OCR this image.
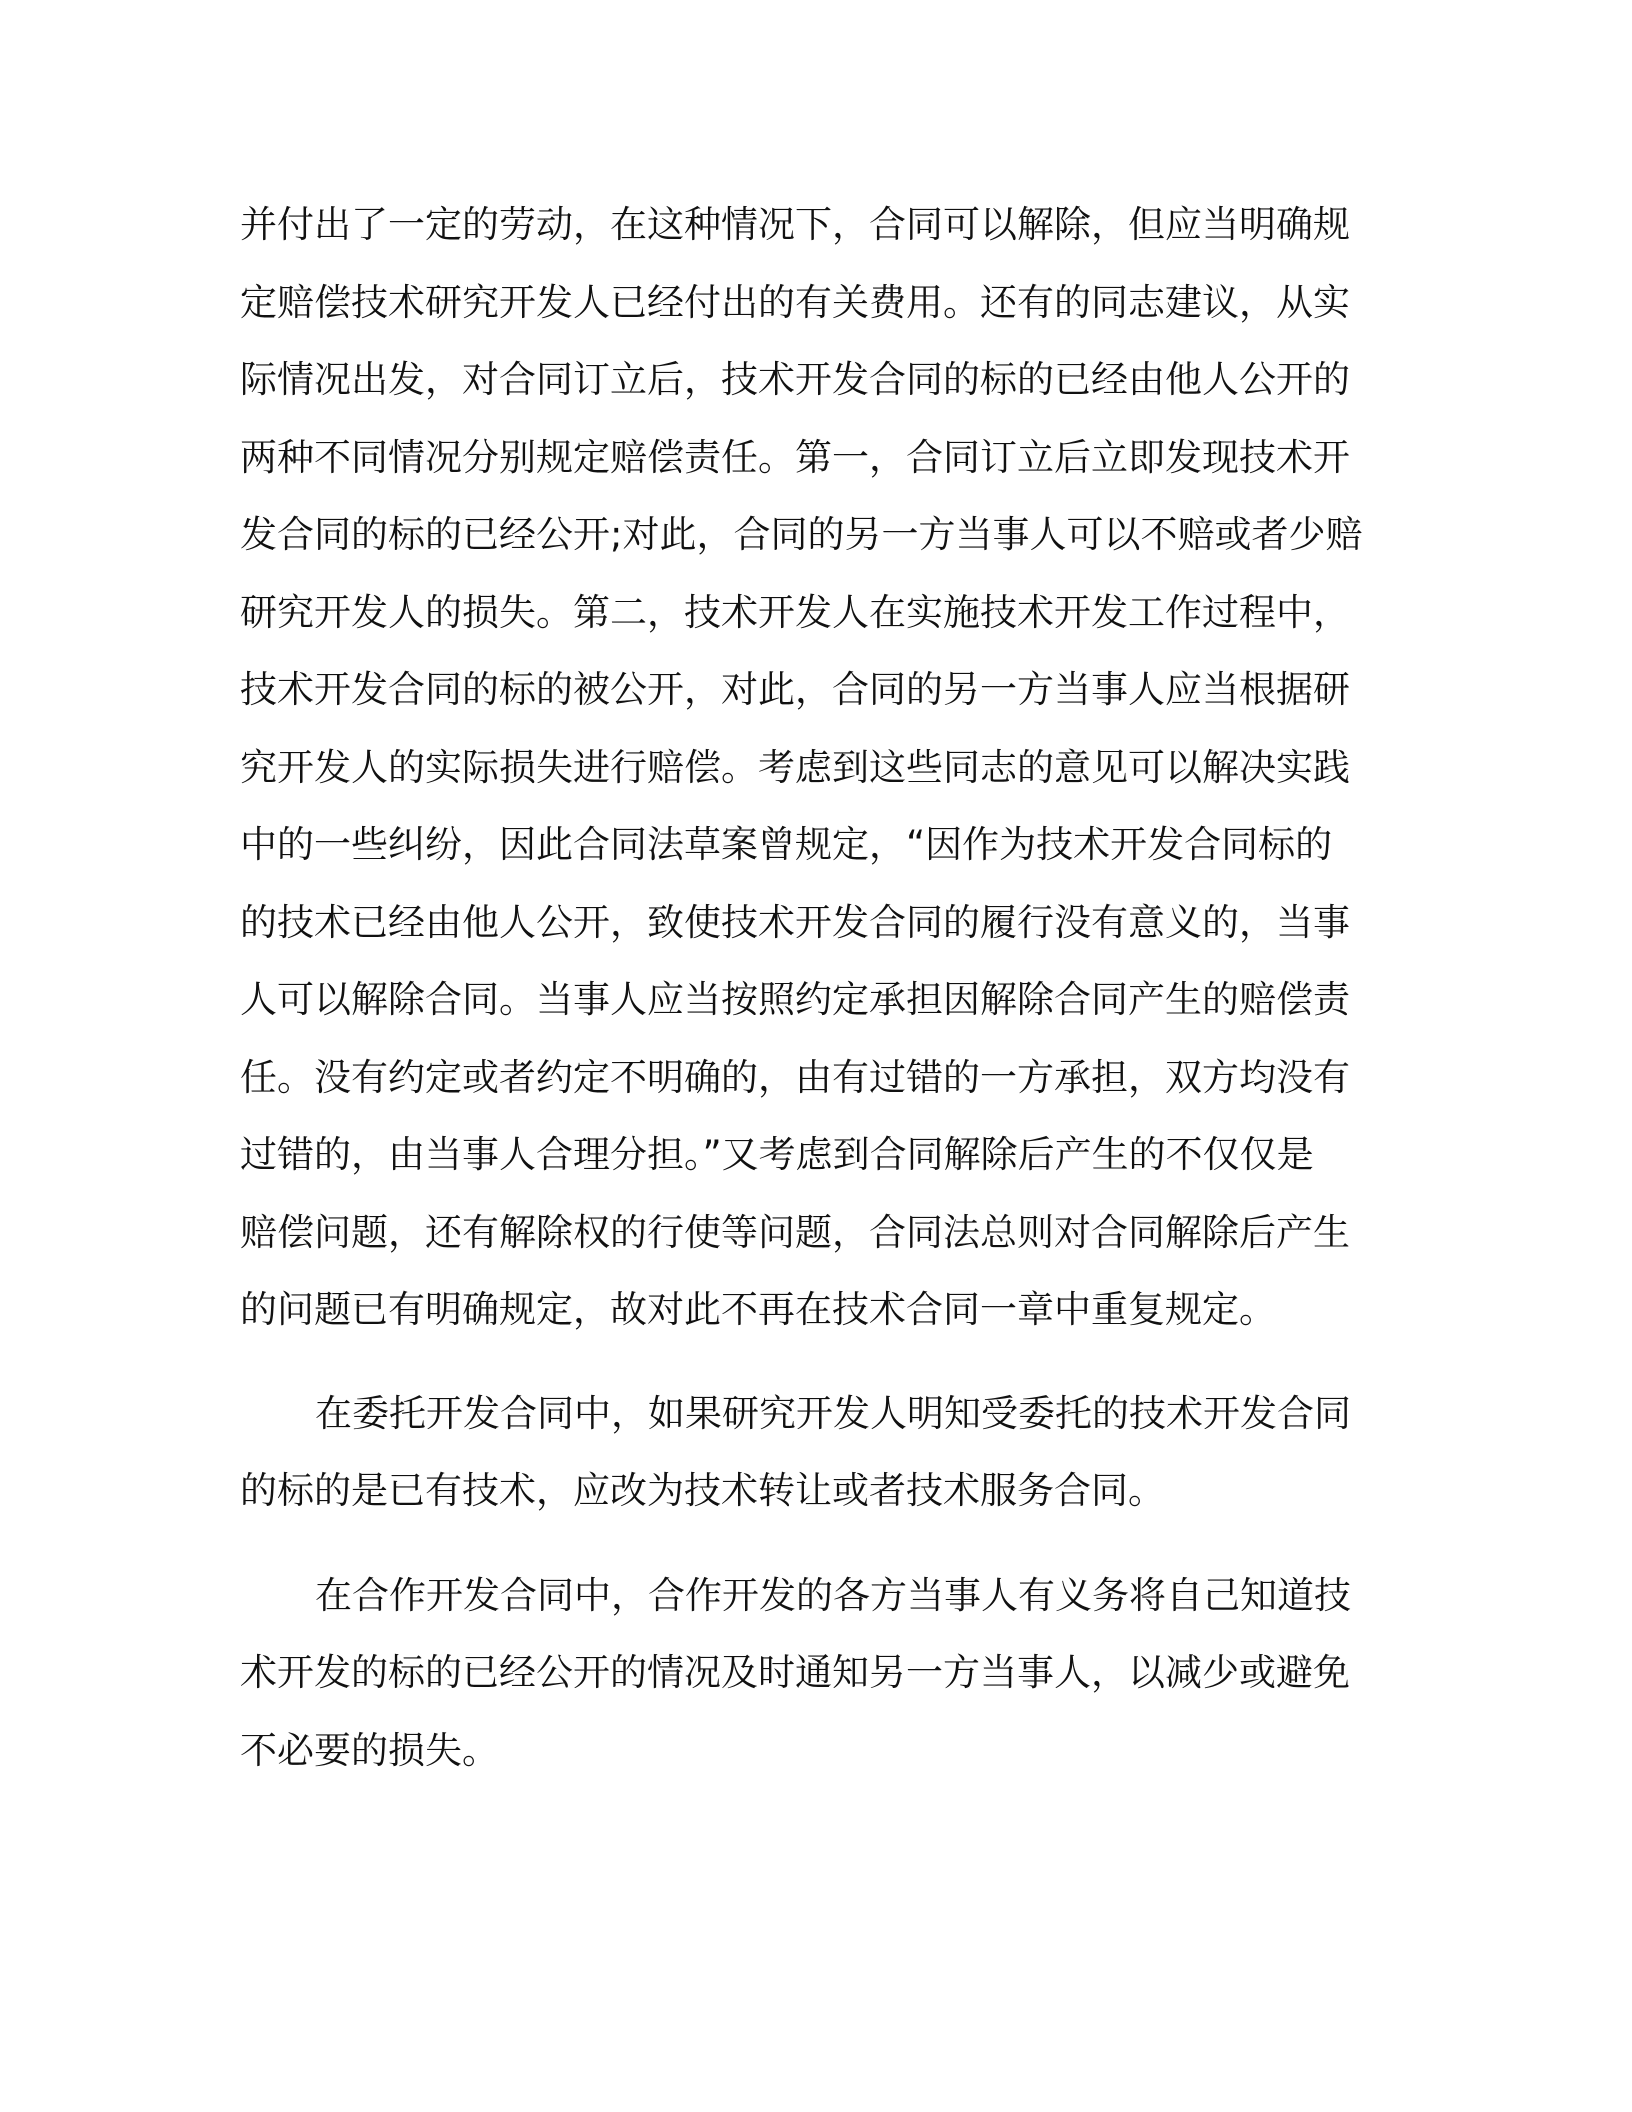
并付出了一定的劳动，在这种情况下，合同可以解除，但应当明确规
定赔偿技术研究开发人已经付出的有关费用。还有的同志建议，从实
际情况出发，对合同订立后，技术开发合同的标的已经由他人公开的
两种不同情况分别规定赔偿责任。第一，合同订立后立即发现技术开
发合同的标的已经公开;对此，合同的另一方当事人可以不赔或者少赔
研究开发人的损失。第二，技术开发人在实施技术开发工作过程中，
技术开发合同的标的被公开，对此，合同的另一方当事人应当根据研
究开发人的实际损失进行赔偿。考虑到这些同志的意见可以解决实践
中的一些纠纷，因此合同法草案曾规定，“因作为技术开发合同标的
的技术已经由他人公开，致使技术开发合同的履行没有意义的，当事
人可以解除合同。当事人应当按照约定承担因解除合同产生的赔偿责
任。没有约定或者约定不明确的，由有过错的一方承担，双方均没有
过错的，由当事人合理分担。”又考虑到合同解除后产生的不仅仅是
赔偿问题，还有解除权的行使等问题，合同法总则对合同解除后产生
的问题已有明确规定，故对此不再在技术合同一章中重复规定。
在委托开发合同中，如果研究开发人明知受委托的技术开发合同
的标的是已有技术，应改为技术转让或者技术服务合同。
在合作开发合同中，合作开发的各方当事人有义务将自己知道技
术开发的标的已经公开的情况及时通知另一方当事人，以减少或避免
不必要的损失。
